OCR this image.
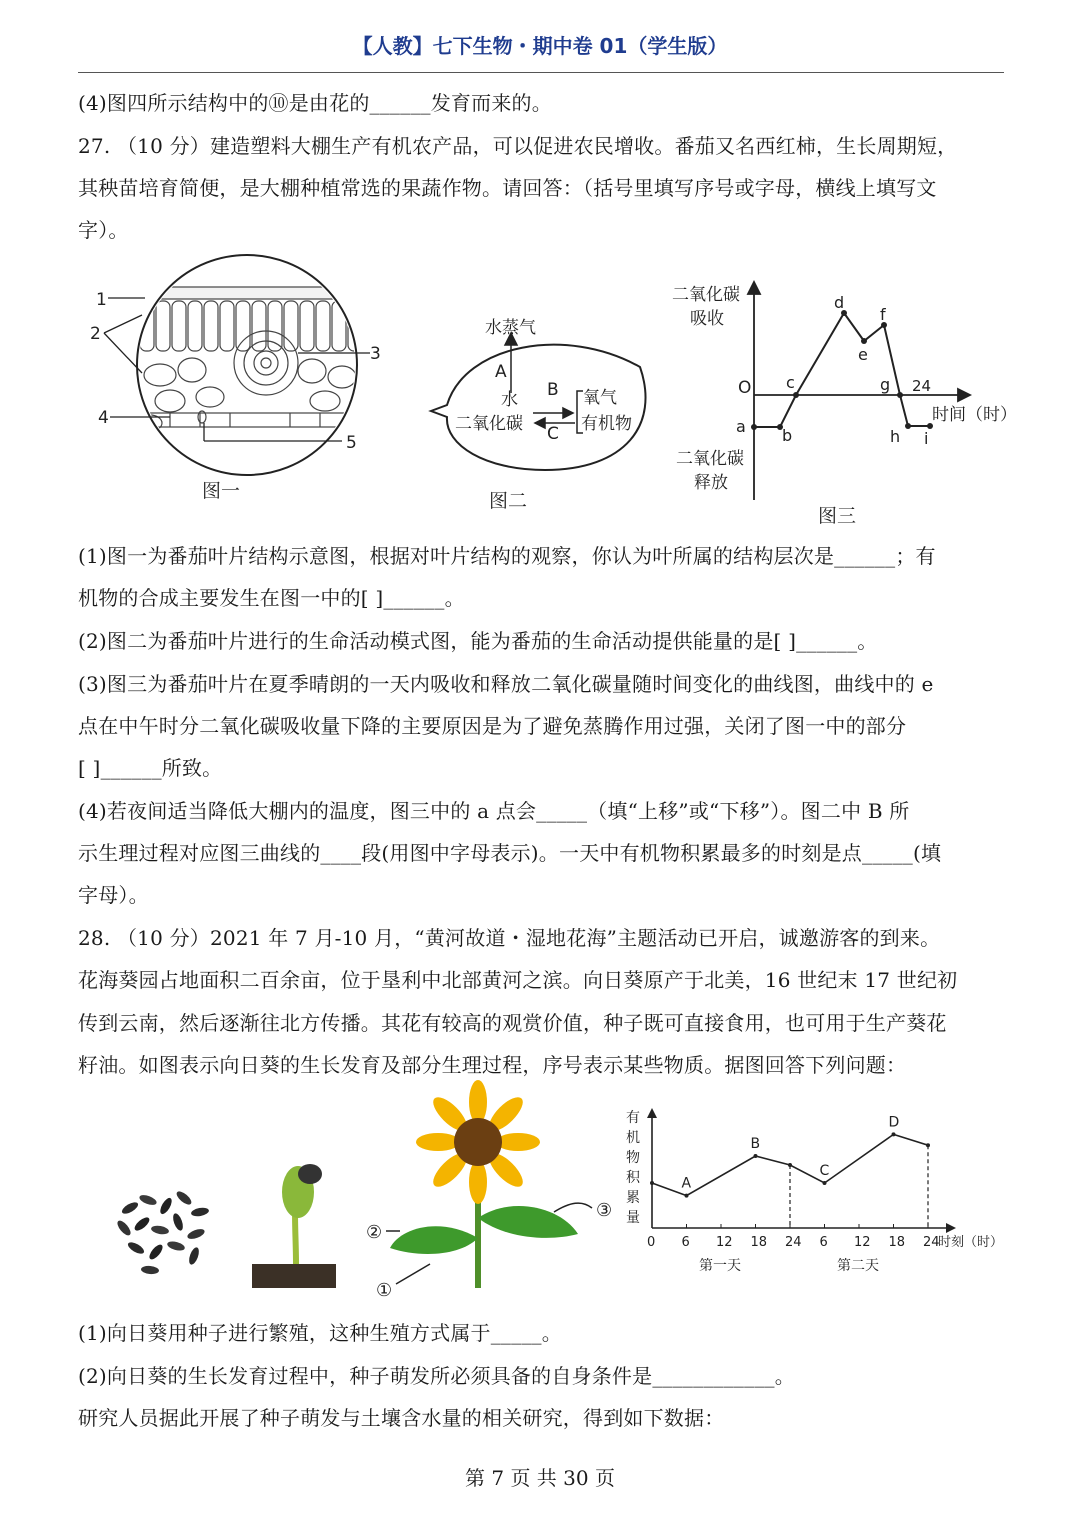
【人教】七下生物・期中卷 01（学生版）
(4)图四所示结构中的⑩是由花的______发育而来的。
27. （10 分）建造塑料大棚生产有机农产品，可以促进农民增收。番茄又名西红柿，生长周期短，
其秧苗培育简便，是大棚种植常选的果蔬作物。请回答：（括号里填写序号或字母，横线上填写文
字）。
1
2
3
4
5
图一
水蒸气
A
水 B
二氧化碳 C
氧气
有机物
图二
二氧化碳
吸收
二氧化碳
释放
O	24
时间（时）
a b
c
d
e
f
g
h i
图三
(1)图一为番茄叶片结构示意图，根据对叶片结构的观察，你认为叶所属的结构层次是______；有
机物的合成主要发生在图一中的[ ]______。
(2)图二为番茄叶片进行的生命活动模式图，能为番茄的生命活动提供能量的是[ ]______。
(3)图三为番茄叶片在夏季晴朗的一天内吸收和释放二氧化碳量随时间变化的曲线图，曲线中的 e
点在中午时分二氧化碳吸收量下降的主要原因是为了避免蒸腾作用过强，关闭了图一中的部分
[ ]______所致。
(4)若夜间适当降低大棚内的温度，图三中的 a 点会_____（填“上移”或“下移”）。图二中 B 所
示生理过程对应图三曲线的____段(用图中字母表示)。一天中有机物积累最多的时刻是点_____(填
字母）。
28. （10 分）2021 年 7 月-10 月，“黄河故道・湿地花海”主题活动已开启，诚邀游客的到来。
花海葵园占地面积二百余亩，位于垦利中北部黄河之滨。向日葵原产于北美，16 世纪末 17 世纪初
传到云南，然后逐渐往北方传播。其花有较高的观赏价值，种子既可直接食用，也可用于生产葵花
籽油。如图表示向日葵的生长发育及部分生理过程，序号表示某些物质。据图回答下列问题：
②
①
③
有
机
物
积
累
量
0 6 12 18 24 6 12 18 24
时刻（时）
第一天	第二天
A
B
C
D
(1)向日葵用种子进行繁殖，这种生殖方式属于_____。
(2)向日葵的生长发育过程中，种子萌发所必须具备的自身条件是____________。
研究人员据此开展了种子萌发与土壤含水量的相关研究，得到如下数据：
第 7 页 共 30 页
